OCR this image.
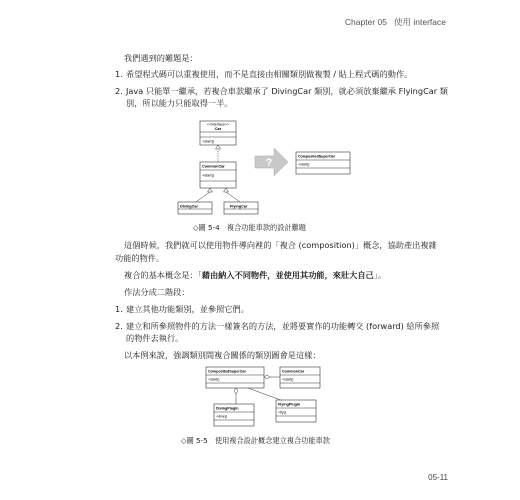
Chapter 05 使用 interface
我們遇到的難題是：
1. 希望程式碼可以重複使用，而不是直接由相關類別做複製 / 貼上程式碼的動作。
2. Java 只能單一繼承，若複合車款繼承了 DivingCar 類別，就必須放棄繼承 FlyingCar 類
別，所以能力只能取得一半。
<<interface>>
Car
+start()
CommonCar
+start()
DivingCar	FlyingCar
?
CompositedSuperCar
+start()
◇圖 5-4　複合功能車款的設計難題
這個時候，我們就可以使用物件導向裡的「複合 (composition)」概念，協助產出複雜
功能的物件。
複合的基本概念是：「藉由納入不同物件，並使用其功能，來壯大自己」。
作法分成二階段：
1. 建立其他功能類別，並參照它們。
2. 建立和所參照物件的方法一樣簽名的方法，並將要實作的功能轉交 (forward) 給所參照
的物件去執行。
以本例來說，強調類別間複合關係的類別圖會是這樣：
CompositedSuperCar
+start()
CommonCar
+start()
DivingPlugIn
+dive()
FlyingPlugIn
+fly()
◇圖 5-5　使用複合設計概念建立複合功能車款
05-11
